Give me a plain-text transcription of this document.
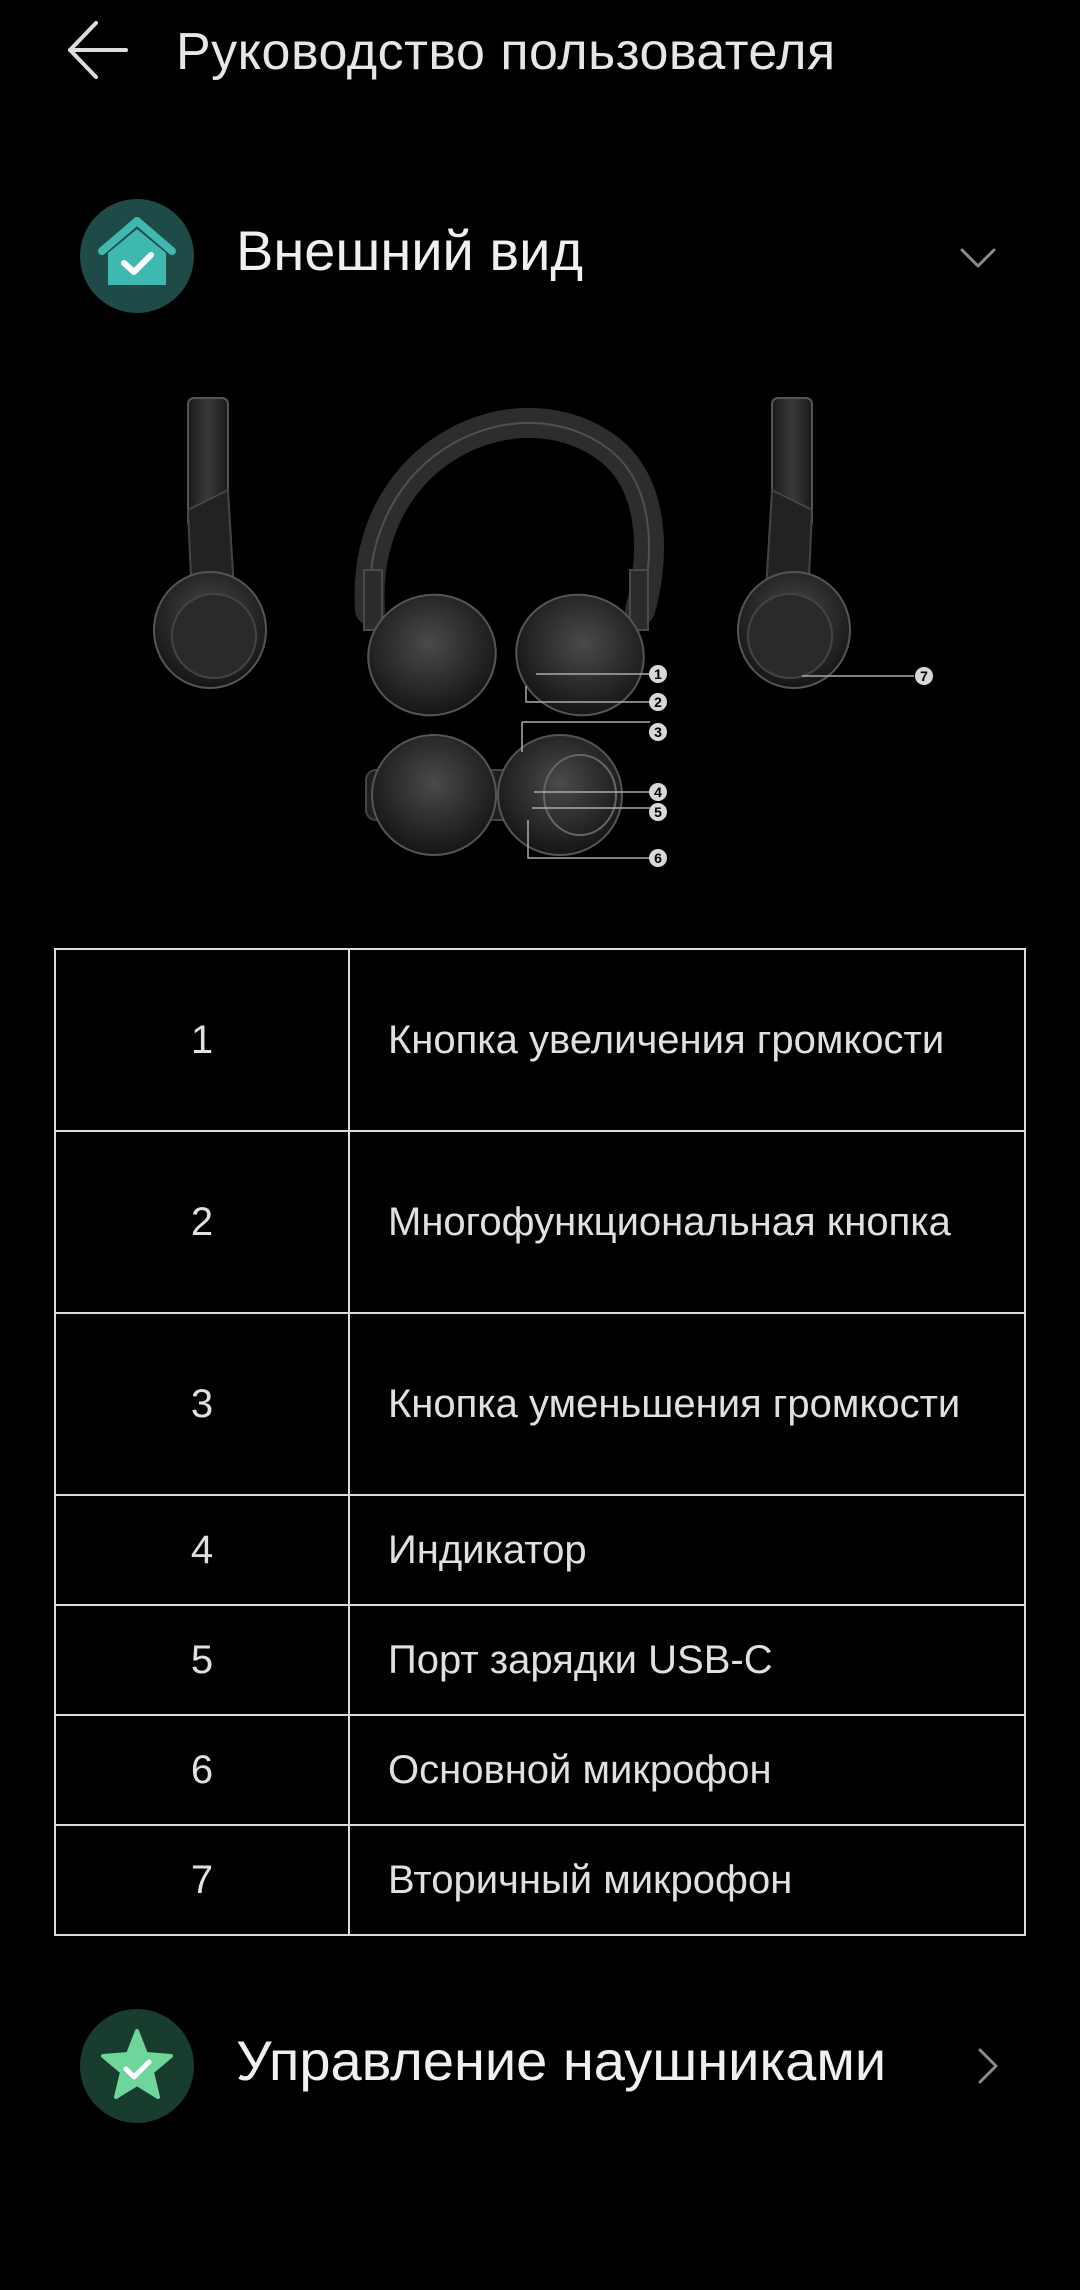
Руководство пользователя
Внешний вид
1
2
3
4
5
6
7
1	Кнопка увеличения громкости
2	Многофункциональная кнопка
3	Кнопка уменьшения громкости
4	Индикатор
5	Порт зарядки USB-C
6	Основной микрофон
7	Вторичный микрофон
Управление наушниками
